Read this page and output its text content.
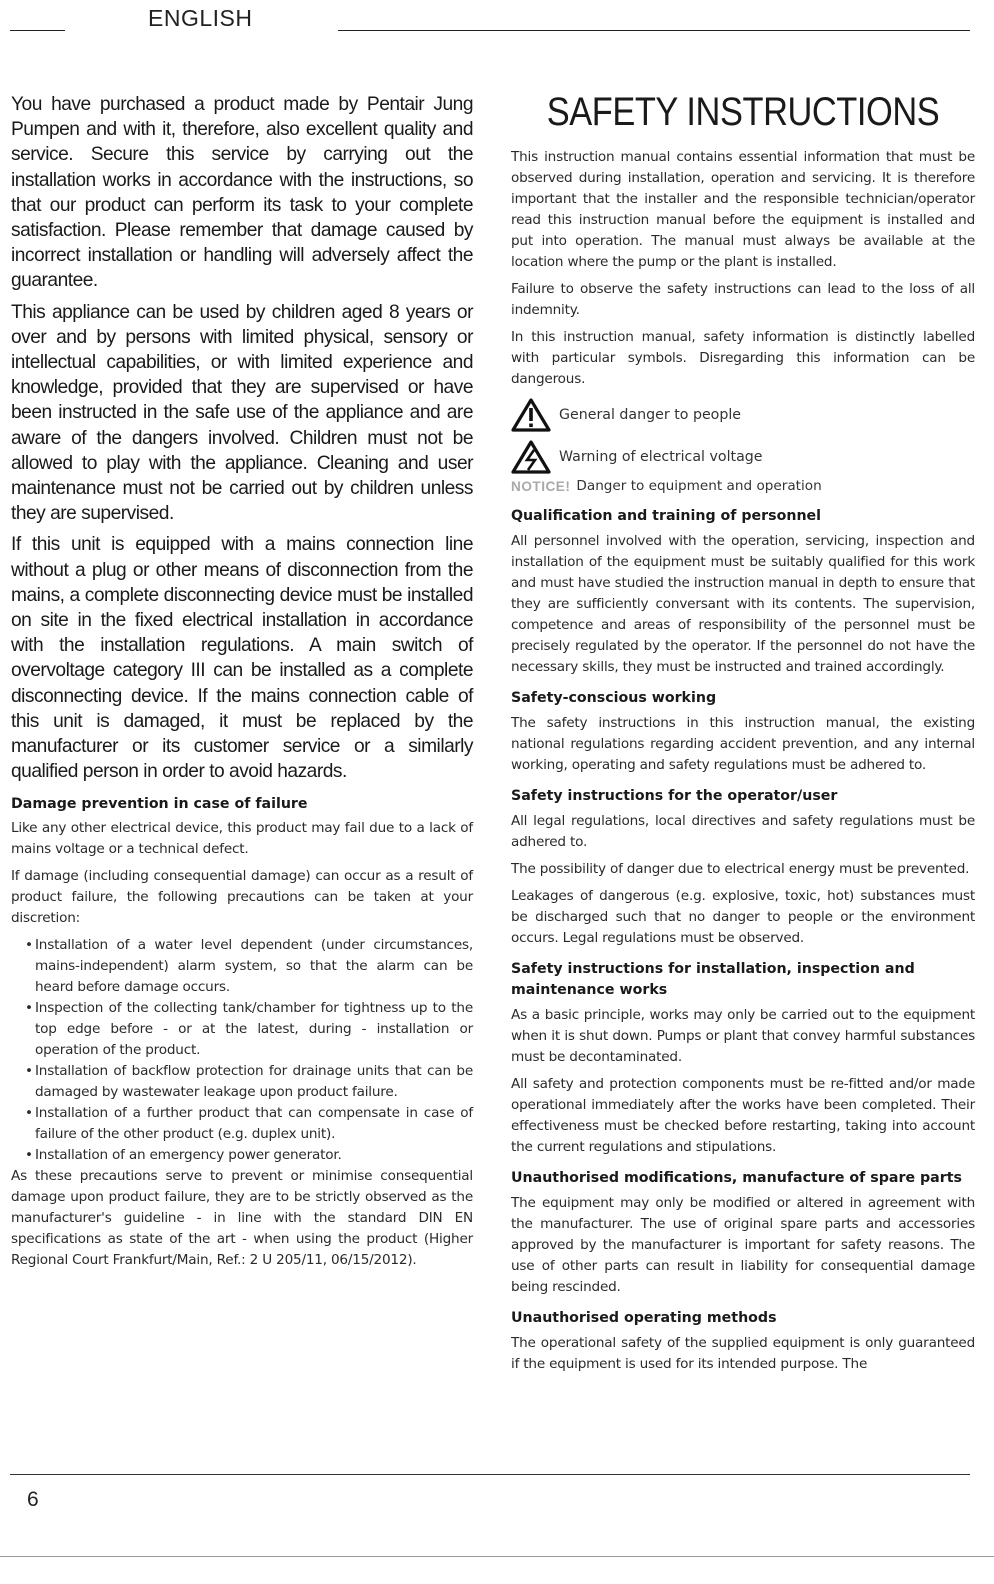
ENGLISH

You have purchased a product made by Pentair Jung Pumpen and with it, therefore, also excellent quality and service. Secure this service by carrying out the installation works in accordance with the instructions, so that our product can perform its task to your complete satisfaction. Please remember that damage caused by incorrect installation or handling will adversely affect the guarantee.

This appliance can be used by children aged 8 years or over and by persons with limited physical, sensory or intellectual capabilities, or with limited experience and knowledge, provided that they are supervised or have been instructed in the safe use of the appliance and are aware of the dangers involved. Children must not be allowed to play with the appliance. Cleaning and user maintenance must not be carried out by children unless they are supervised.

If this unit is equipped with a mains connection line without a plug or other means of disconnection from the mains, a complete disconnecting device must be installed on site in the fixed electrical installation in accordance with the installation regulations. A main switch of overvoltage category III can be installed as a complete disconnecting device. If the mains connection cable of this unit is damaged, it must be replaced by the manufacturer or its customer service or a similarly qualified person in order to avoid hazards.

Damage prevention in case of failure

Like any other electrical device, this product may fail due to a lack of mains voltage or a technical defect.

If damage (including consequential damage) can occur as a result of product failure, the following precautions can be taken at your discretion:

• Installation of a water level dependent (under circumstances, mains-independent) alarm system, so that the alarm can be heard before damage occurs.
• Inspection of the collecting tank/chamber for tightness up to the top edge before - or at the latest, during - installation or operation of the product.
• Installation of backflow protection for drainage units that can be damaged by wastewater leakage upon product failure.
• Installation of a further product that can compensate in case of failure of the other product (e.g. duplex unit).
• Installation of an emergency power generator.

As these precautions serve to prevent or minimise consequential damage upon product failure, they are to be strictly observed as the manufacturer's guideline - in line with the standard DIN EN specifications as state of the art - when using the product (Higher Regional Court Frankfurt/Main, Ref.: 2 U 205/11, 06/15/2012).

SAFETY INSTRUCTIONS

This instruction manual contains essential information that must be observed during installation, operation and servicing. It is therefore important that the installer and the responsible technician/operator read this instruction manual before the equipment is installed and put into operation. The manual must always be available at the location where the pump or the plant is installed.

Failure to observe the safety instructions can lead to the loss of all indemnity.

In this instruction manual, safety information is distinctly labelled with particular symbols. Disregarding this information can be dangerous.

General danger to people
Warning of electrical voltage
NOTICE! Danger to equipment and operation
Qualification and training of personnel

All personnel involved with the operation, servicing, inspection and installation of the equipment must be suitably qualified for this work and must have studied the instruction manual in depth to ensure that they are sufficiently conversant with its contents. The supervision, competence and areas of responsibility of the personnel must be precisely regulated by the operator. If the personnel do not have the necessary skills, they must be instructed and trained accordingly.

Safety-conscious working

The safety instructions in this instruction manual, the existing national regulations regarding accident prevention, and any internal working, operating and safety regulations must be adhered to.

Safety instructions for the operator/user

All legal regulations, local directives and safety regulations must be adhered to.

The possibility of danger due to electrical energy must be prevented.

Leakages of dangerous (e.g. explosive, toxic, hot) substances must be discharged such that no danger to people or the environment occurs. Legal regulations must be observed.

Safety instructions for installation, inspection and maintenance works

As a basic principle, works may only be carried out to the equipment when it is shut down. Pumps or plant that convey harmful substances must be decontaminated.

All safety and protection components must be re-fitted and/or made operational immediately after the works have been completed. Their effectiveness must be checked before restarting, taking into account the current regulations and stipulations.

Unauthorised modifications, manufacture of spare parts

The equipment may only be modified or altered in agreement with the manufacturer. The use of original spare parts and accessories approved by the manufacturer is important for safety reasons. The use of other parts can result in liability for consequential damage being rescinded.

Unauthorised operating methods

The operational safety of the supplied equipment is only guaranteed if the equipment is used for its intended purpose. The

6
